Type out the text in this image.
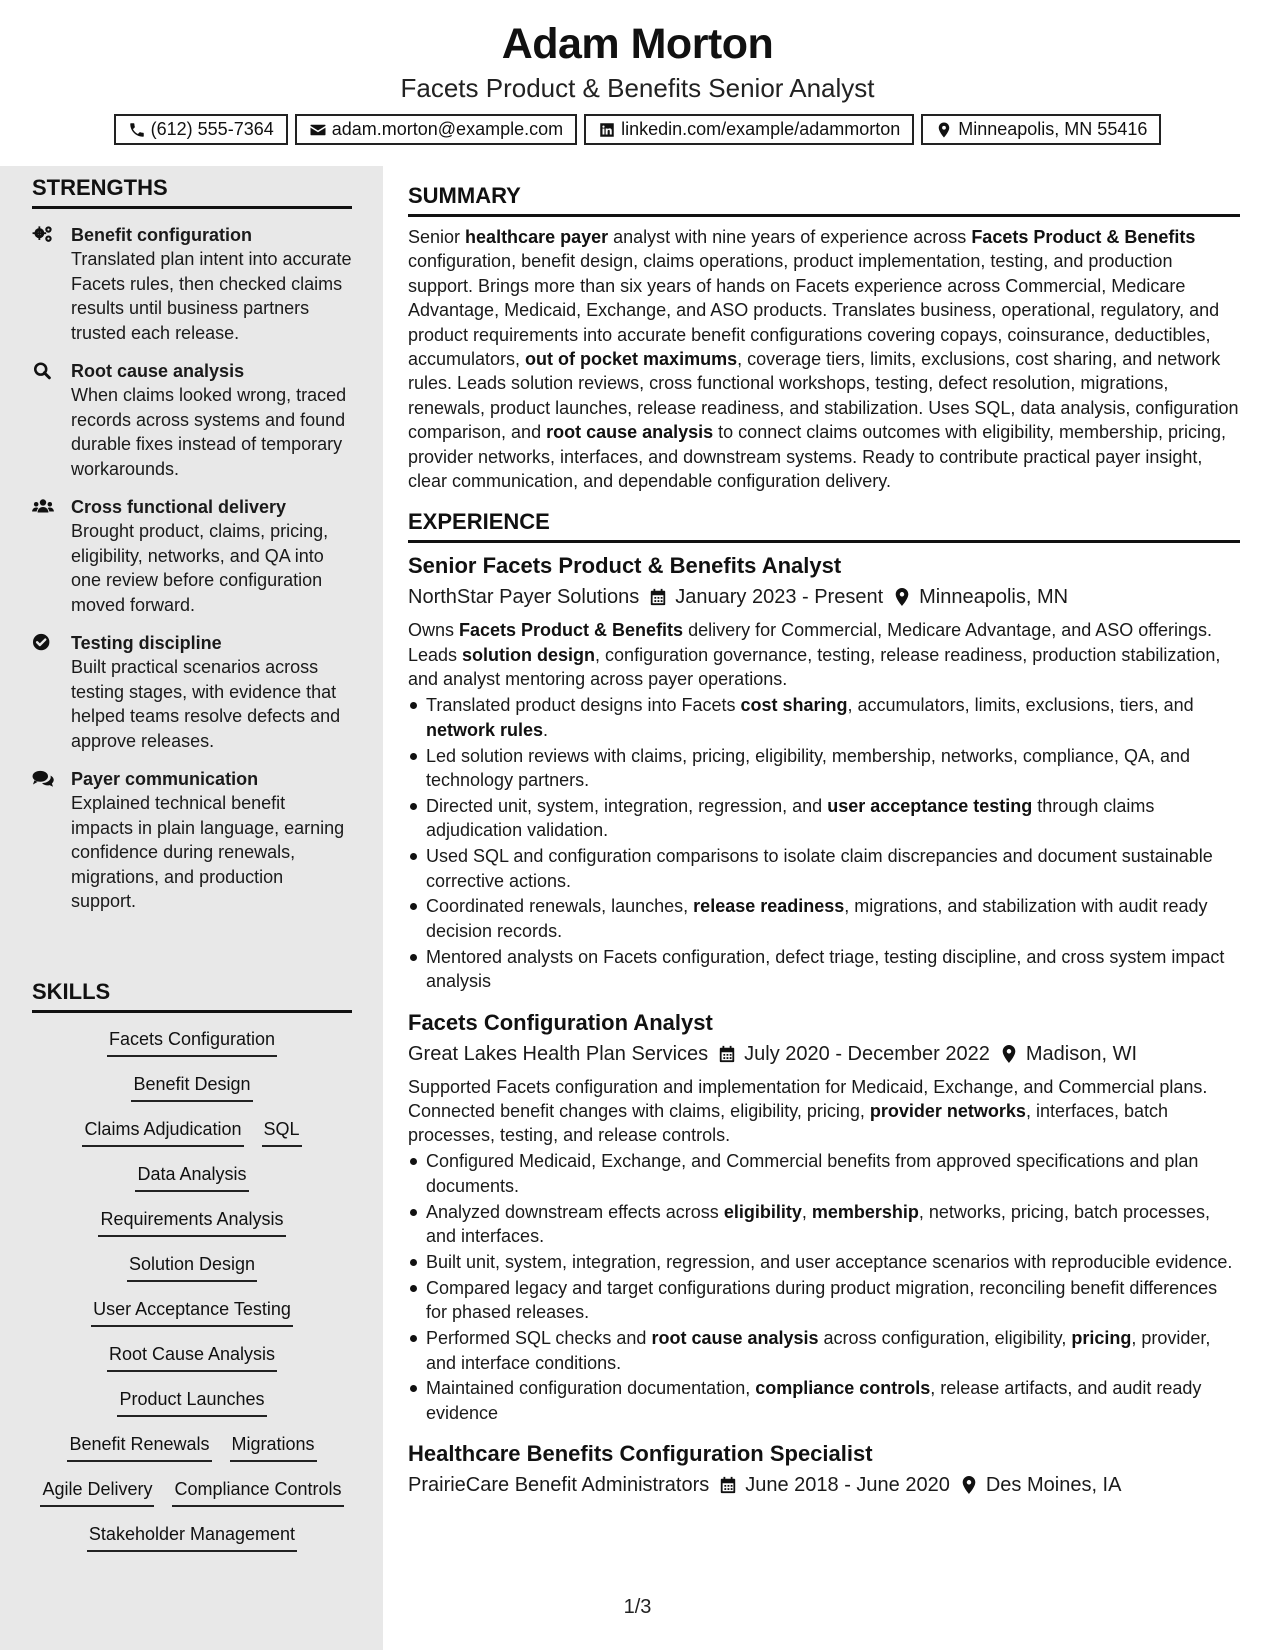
Adam Morton
Facets Product & Benefits Senior Analyst
(612) 555-7364	adam.morton@example.com	linkedin.com/example/adammorton	Minneapolis, MN 55416
STRENGTHS
Benefit configuration
Translated plan intent into accurate Facets rules, then checked claims results until business partners trusted each release.
Root cause analysis
When claims looked wrong, traced records across systems and found durable fixes instead of temporary workarounds.
Cross functional delivery
Brought product, claims, pricing, eligibility, networks, and QA into one review before configuration moved forward.
Testing discipline
Built practical scenarios across testing stages, with evidence that helped teams resolve defects and approve releases.
Payer communication
Explained technical benefit impacts in plain language, earning confidence during renewals, migrations, and production support.
SKILLS
Facets Configuration
Benefit Design
Claims Adjudication SQL
Data Analysis
Requirements Analysis
Solution Design
User Acceptance Testing
Root Cause Analysis
Product Launches
Benefit Renewals Migrations
Agile Delivery Compliance Controls
Stakeholder Management
SUMMARY
Senior healthcare payer analyst with nine years of experience across Facets Product & Benefits configuration, benefit design, claims operations, product implementation, testing, and production support. Brings more than six years of hands on Facets experience across Commercial, Medicare Advantage, Medicaid, Exchange, and ASO products. Translates business, operational, regulatory, and product requirements into accurate benefit configurations covering copays, coinsurance, deductibles, accumulators, out of pocket maximums, coverage tiers, limits, exclusions, cost sharing, and network rules. Leads solution reviews, cross functional workshops, testing, defect resolution, migrations, renewals, product launches, release readiness, and stabilization. Uses SQL, data analysis, configuration comparison, and root cause analysis to connect claims outcomes with eligibility, membership, pricing, provider networks, interfaces, and downstream systems. Ready to contribute practical payer insight, clear communication, and dependable configuration delivery.
EXPERIENCE
Senior Facets Product & Benefits Analyst
NorthStar Payer Solutions January 2023 - Present Minneapolis, MN
Owns Facets Product & Benefits delivery for Commercial, Medicare Advantage, and ASO offerings. Leads solution design, configuration governance, testing, release readiness, production stabilization, and analyst mentoring across payer operations.
Translated product designs into Facets cost sharing, accumulators, limits, exclusions, tiers, and network rules.
Led solution reviews with claims, pricing, eligibility, membership, networks, compliance, QA, and technology partners.
Directed unit, system, integration, regression, and user acceptance testing through claims adjudication validation.
Used SQL and configuration comparisons to isolate claim discrepancies and document sustainable corrective actions.
Coordinated renewals, launches, release readiness, migrations, and stabilization with audit ready decision records.
Mentored analysts on Facets configuration, defect triage, testing discipline, and cross system impact analysis
Facets Configuration Analyst
Great Lakes Health Plan Services July 2020 - December 2022 Madison, WI
Supported Facets configuration and implementation for Medicaid, Exchange, and Commercial plans. Connected benefit changes with claims, eligibility, pricing, provider networks, interfaces, batch processes, testing, and release controls.
Configured Medicaid, Exchange, and Commercial benefits from approved specifications and plan documents.
Analyzed downstream effects across eligibility, membership, networks, pricing, batch processes, and interfaces.
Built unit, system, integration, regression, and user acceptance scenarios with reproducible evidence.
Compared legacy and target configurations during product migration, reconciling benefit differences for phased releases.
Performed SQL checks and root cause analysis across configuration, eligibility, pricing, provider, and interface conditions.
Maintained configuration documentation, compliance controls, release artifacts, and audit ready evidence
Healthcare Benefits Configuration Specialist
PrairieCare Benefit Administrators June 2018 - June 2020 Des Moines, IA
1/3
